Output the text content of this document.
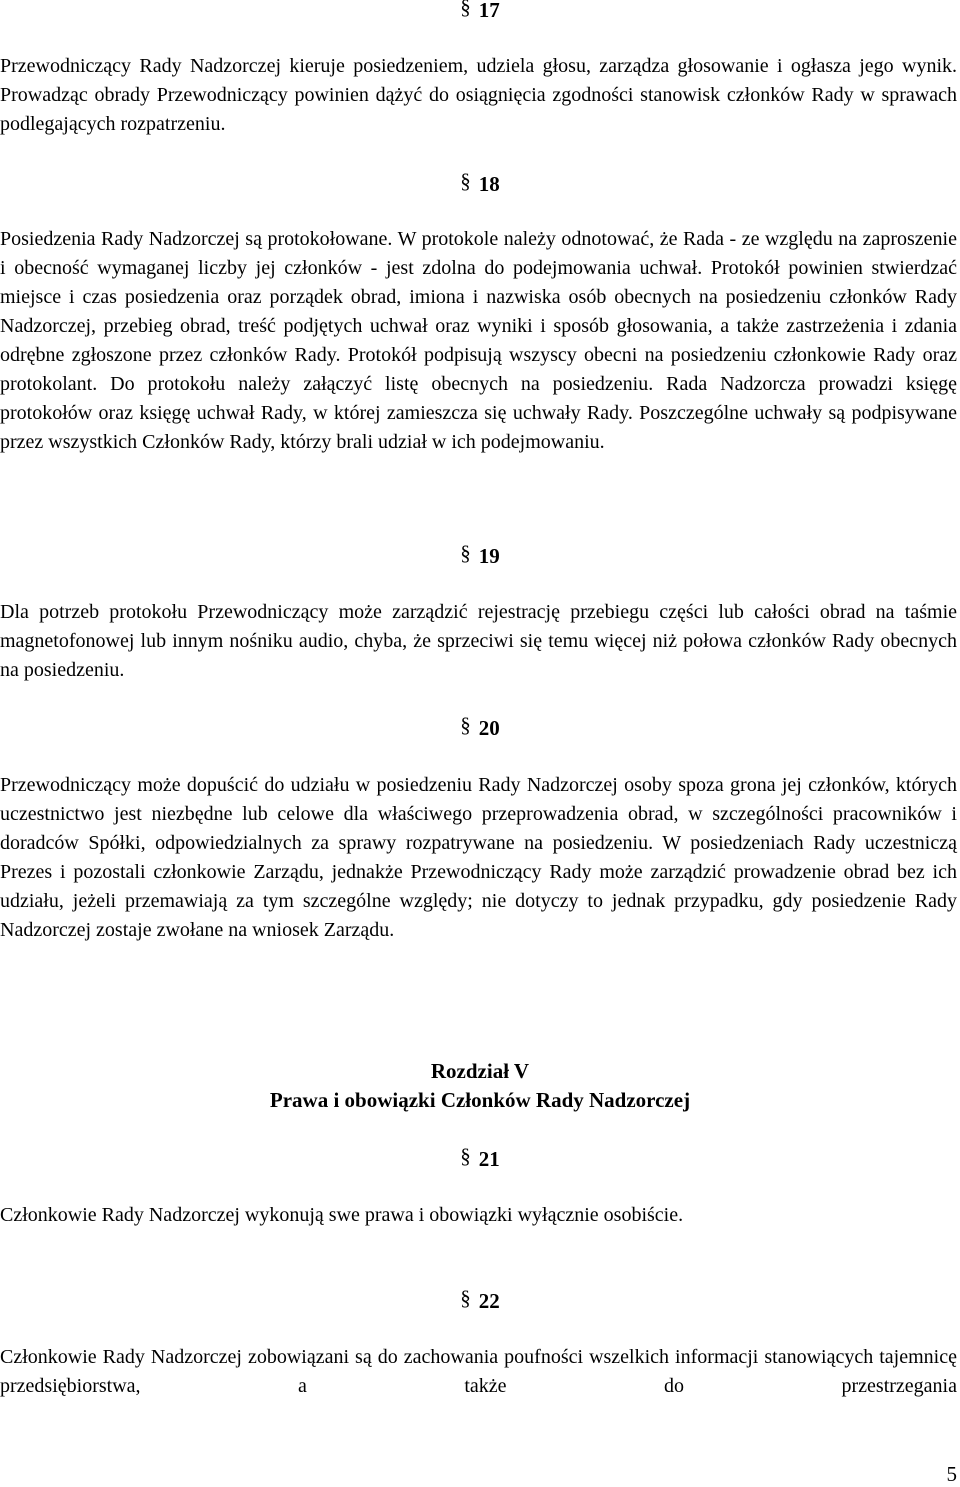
§ 17
Przewodniczący Rady Nadzorczej kieruje posiedzeniem, udziela głosu, zarządza głosowanie i ogłasza jego wynik. Prowadząc obrady Przewodniczący powinien dążyć do osiągnięcia zgodności stanowisk członków Rady w sprawach podlegających rozpatrzeniu.
§ 18
Posiedzenia Rady Nadzorczej są protokołowane. W protokole należy odnotować, że Rada - ze względu na zaproszenie i obecność wymaganej liczby jej członków - jest zdolna do podejmowania uchwał. Protokół powinien stwierdzać miejsce i czas posiedzenia oraz porządek obrad, imiona i nazwiska osób obecnych na posiedzeniu członków Rady Nadzorczej, przebieg obrad, treść podjętych uchwał oraz wyniki i sposób głosowania, a także zastrzeżenia i zdania odrębne zgłoszone przez członków Rady. Protokół podpisują wszyscy obecni na posiedzeniu członkowie Rady oraz protokolant. Do protokołu należy załączyć listę obecnych na posiedzeniu. Rada Nadzorcza prowadzi księgę protokołów oraz księgę uchwał Rady, w której zamieszcza się uchwały Rady. Poszczególne uchwały są podpisywane przez wszystkich Członków Rady, którzy brali udział w ich podejmowaniu.
§ 19
Dla potrzeb protokołu Przewodniczący może zarządzić rejestrację przebiegu części lub całości obrad na taśmie magnetofonowej lub innym nośniku audio, chyba, że sprzeciwi się temu więcej niż połowa członków Rady obecnych na posiedzeniu.
§ 20
Przewodniczący może dopuścić do udziału w posiedzeniu Rady Nadzorczej osoby spoza grona jej członków, których uczestnictwo jest niezbędne lub celowe dla właściwego przeprowadzenia obrad, w szczególności pracowników i doradców Spółki, odpowiedzialnych za sprawy rozpatrywane na posiedzeniu. W posiedzeniach Rady uczestniczą Prezes i pozostali członkowie Zarządu, jednakże Przewodniczący Rady może zarządzić prowadzenie obrad bez ich udziału, jeżeli przemawiają za tym szczególne względy; nie dotyczy to jednak przypadku, gdy posiedzenie Rady Nadzorczej zostaje zwołane na wniosek Zarządu.
Rozdział V
Prawa i obowiązki Członków Rady Nadzorczej
§ 21
Członkowie Rady Nadzorczej wykonują swe prawa i obowiązki wyłącznie osobiście.
§ 22
Członkowie Rady Nadzorczej zobowiązani są do zachowania poufności wszelkich informacji stanowiących tajemnicę przedsiębiorstwa, a także do przestrzegania
5
